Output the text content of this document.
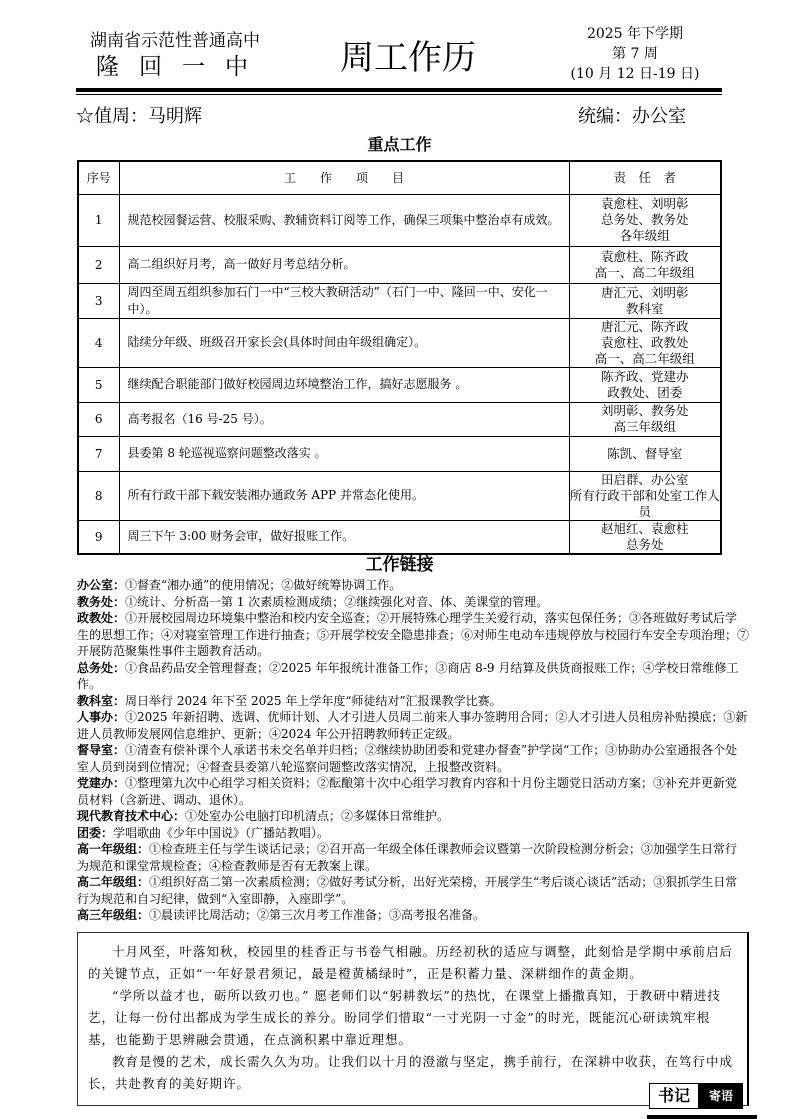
湖南省示范性普通高中
隆回一中 周工作历
2025 年下学期
第 7 周
(10 月 12 日-19 日)
☆值周：马明辉	统编：办公室
重点工作
序号	工　　作　　项　　目	责　任　者
1	规范校园餐运营、校服采购、教辅资料订阅等工作，确保三项集中整治卓有成效。	袁愈柱、刘明彰
总务处、教务处
各年级组

2	高二组织好月考，高一做好月考总结分析。	袁愈柱、陈齐政
高一、高二年级组

3	周四至周五组织参加石门一中“三校大教研活动”（石门一中、隆回一中、安化一中）。	唐汇元、刘明彰
教科室

4	陆续分年级、班级召开家长会(具体时间由年级组确定）。	唐汇元、陈齐政
袁愈柱、政教处
高一、高二年级组

5	继续配合职能部门做好校园周边环境整治工作，搞好志愿服务 。	陈齐政、党建办
政教处、团委

6	高考报名（16 号-25 号）。	刘明彰、教务处
高三年级组

7	县委第 8 轮巡视巡察问题整改落实 。	陈凯、督导室

8	所有行政干部下载安装湘办通政务 APP 并常态化使用。	田启群、办公室
所有行政干部和处室工作人员

9	周三下午 3:00 财务会审，做好报账工作。	赵旭红、袁愈柱
总务处
工作链接

办公室：①督查“湘办通”的使用情况；②做好统筹协调工作。

教务处：①统计、分析高一第 1 次素质检测成绩；②继续强化对音、体、美课堂的管理。

政教处：①开展校园周边环境集中整治和校内安全巡查；②开展特殊心理学生关爱行动，落实包保任务；③各班做好考试后学生的思想工作；④对寝室管理工作进行抽查；⑤开展学校安全隐患排查；⑥对师生电动车违规停放与校园行车安全专项治理；⑦开展防范聚集性事件主题教育活动。

总务处：①食品药品安全管理督查；②2025 年年报统计准备工作；③商店 8-9 月结算及供货商报账工作；④学校日常维修工作。

教科室：周日举行 2024 年下至 2025 年上学年度“师徒结对”汇报课教学比赛。

人事办：①2025 年新招聘、选调、优师计划、人才引进人员周二前来人事办签聘用合同；②人才引进人员租房补贴摸底；③新进人员教师发展网信息维护、更新；④2024 年公开招聘教师转正定级。

督导室：①清查有偿补课个人承诺书未交名单并归档；②继续协助团委和党建办督查”护学岗“工作；③协助办公室通报各个处室人员到岗到位情况；④督查县委第八轮巡察问题整改落实情况，上报整改资料。

党建办：①整理第九次中心组学习相关资料；②酝酿第十次中心组学习教育内容和十月份主题党日活动方案；③补充并更新党员材料（含新进、调动、退休）。

现代教育技术中心：①处室办公电脑打印机清点；②多媒体日常维护。

团委：学唱歌曲《少年中国说》（广播站教唱）。

高一年级组：①检查班主任与学生谈话记录；②召开高一年级全体任课教师会议暨第一次阶段检测分析会；③加强学生日常行为规范和课堂常规检查；④检查教师是否有无教案上课。

高二年级组：①组织好高二第一次素质检测；②做好考试分析，出好光荣榜，开展学生“考后谈心谈话”活动；③狠抓学生日常行为规范和自习纪律，做到“入室即静，入座即学”。

高三年级组：①晨读评比周活动；②第三次月考工作准备；③高考报名准备。

十月风至，叶落知秋，校园里的桂香正与书卷气相融。历经初秋的适应与调整，此刻恰是学期中承前启后的关键节点，正如“一年好景君须记，最是橙黄橘绿时”，正是积蓄力量、深耕细作的黄金期。

“学所以益才也，砺所以致刃也。” 愿老师们以“躬耕教坛”的热忱，在课堂上播撒真知，于教研中精进技艺，让每一份付出都成为学生成长的养分。盼同学们惜取“一寸光阴一寸金”的时光，既能沉心研读筑牢根基，也能勤于思辨融会贯通，在点滴积累中靠近理想。

教育是慢的艺术，成长需久久为功。让我们以十月的澄澈与坚定，携手前行，在深耕中收获，在笃行中成长，共赴教育的美好期许。

书记	寄语
